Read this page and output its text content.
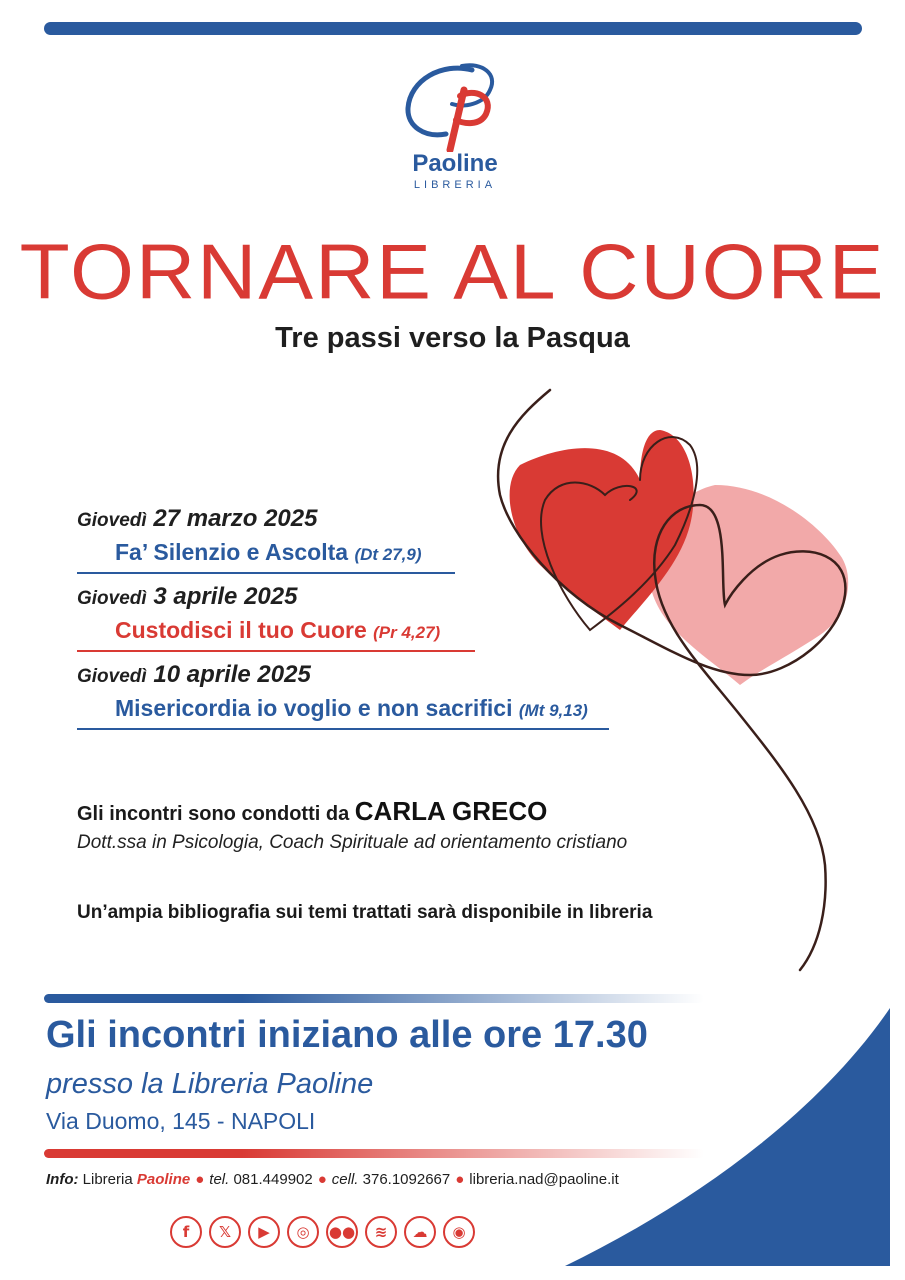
Paoline
LIBRERIA
TORNARE AL CUORE
Tre passi verso la Pasqua
Giovedì 27 marzo 2025
Fa’ Silenzio e Ascolta (Dt 27,9)
Giovedì 3 aprile 2025
Custodisci il tuo Cuore (Pr 4,27)
Giovedì 10 aprile 2025
Misericordia io voglio e non sacrifici (Mt 9,13)
Gli incontri sono condotti da CARLA GRECO
Dott.ssa in Psicologia, Coach Spirituale ad orientamento cristiano
Un’ampia bibliografia sui temi trattati sarà disponibile in libreria
Gli incontri iniziano alle ore 17.30
presso la Libreria Paoline
Via Duomo, 145 - NAPOLI
Info: Libreria Paoline ● tel. 081.449902 ● cell. 376.1092667 ● libreria.nad@paoline.it
f	𝕏	▶	◎	●●	≋	☁	◉
